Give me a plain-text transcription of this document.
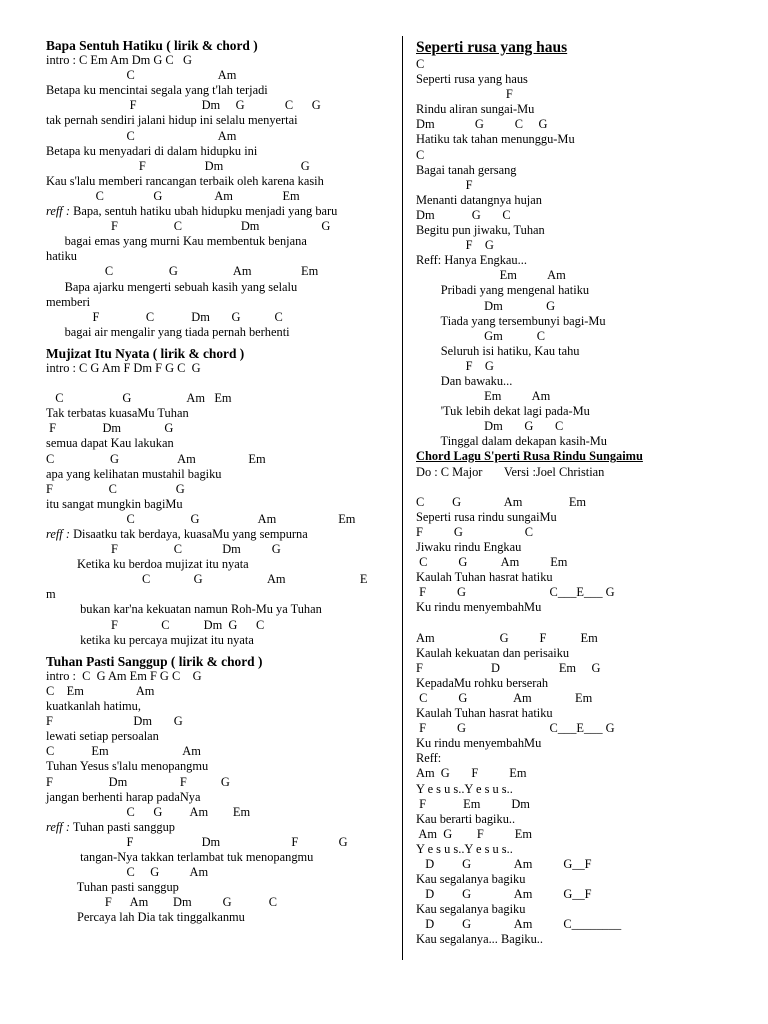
Bapa Sentuh Hatiku ( lirik & chord )
intro : C Em Am Dm G C   G
C                           Am
Betapa ku mencintai segala yang t'lah terjadi
F                     Dm     G             C      G
tak pernah sendiri jalani hidup ini selalu menyertai
C                           Am
Betapa ku menyadari di dalam hidupku ini
F                   Dm                         G
Kau s'lalu memberi rancangan terbaik oleh karena kasih
C                G                 Am                Em
reff : Bapa, sentuh hatiku ubah hidupku menjadi yang baru
F                  C                   Dm                    G
bagai emas yang murni Kau membentuk benjana
hatiku
C                  G                  Am                Em
Bapa ajarku mengerti sebuah kasih yang selalu
memberi
F               C            Dm       G           C
bagai air mengalir yang tiada pernah berhenti
Mujizat Itu Nyata ( lirik & chord )
intro : C G Am F Dm F G C  G
C                   G                  Am   Em
Tak terbatas kuasaMu Tuhan
F               Dm              G
semua dapat Kau lakukan
C                  G                   Am                 Em
apa yang kelihatan mustahil bagiku
F                  C                   G
itu sangat mungkin bagiMu
C                  G                   Am                    Em
reff : Disaatku tak berdaya, kuasaMu yang sempurna
F                  C             Dm          G
Ketika ku berdoa mujizat itu nyata
C              G                     Am                        E
m
bukan kar'na kekuatan namun Roh-Mu ya Tuhan
F              C           Dm  G      C
ketika ku percaya mujizat itu nyata
Tuhan Pasti Sanggup ( lirik & chord )
intro :  C  G Am Em F G C    G
C    Em                 Am
kuatkanlah hatimu,
F                          Dm       G
lewati setiap persoalan
C            Em                        Am
Tuhan Yesus s'lalu menopangmu
F                  Dm                 F           G
jangan berhenti harap padaNya
C      G         Am        Em
reff : Tuhan pasti sanggup
F                      Dm                       F             G
tangan-Nya takkan terlambat tuk menopangmu
C     G          Am
Tuhan pasti sanggup
F      Am        Dm          G            C
Percaya lah Dia tak tinggalkanmu
Seperti rusa yang haus
C
Seperti rusa yang haus
F
Rindu aliran sungai-Mu
Dm             G          C     G
Hatiku tak tahan menunggu-Mu
C
Bagai tanah gersang
F
Menanti datangnya hujan
Dm            G       C
Begitu pun jiwaku, Tuhan
F    G
Reff: Hanya Engkau...
Em          Am
Pribadi yang mengenal hatiku
Dm              G
Tiada yang tersembunyi bagi-Mu
Gm           C
Seluruh isi hatiku, Kau tahu
F    G
Dan bawaku...
Em          Am
'Tuk lebih dekat lagi pada-Mu
Dm       G       C
Tinggal dalam dekapan kasih-Mu
Chord Lagu S'perti Rusa Rindu Sungaimu
Do : C Major       Versi :Joel Christian
C         G              Am               Em
Seperti rusa rindu sungaiMu
F          G                    C
Jiwaku rindu Engkau
C          G           Am          Em
Kaulah Tuhan hasrat hatiku
F          G                           C___E___ G
Ku rindu menyembahMu
Am                     G          F           Em
Kaulah kekuatan dan perisaiku
F                      D                   Em     G
KepadaMu rohku berserah
C          G               Am              Em
Kaulah Tuhan hasrat hatiku
F          G                           C___E___ G
Ku rindu menyembahMu
Reff:
Am  G       F          Em
Y e s u s..Y e s u s..
F            Em          Dm
Kau berarti bagiku..
Am  G        F          Em
Y e s u s..Y e s u s..
D         G              Am          G__F
Kau segalanya bagiku
D         G              Am          G__F
Kau segalanya bagiku
D         G              Am          C________
Kau segalanya... Bagiku..
